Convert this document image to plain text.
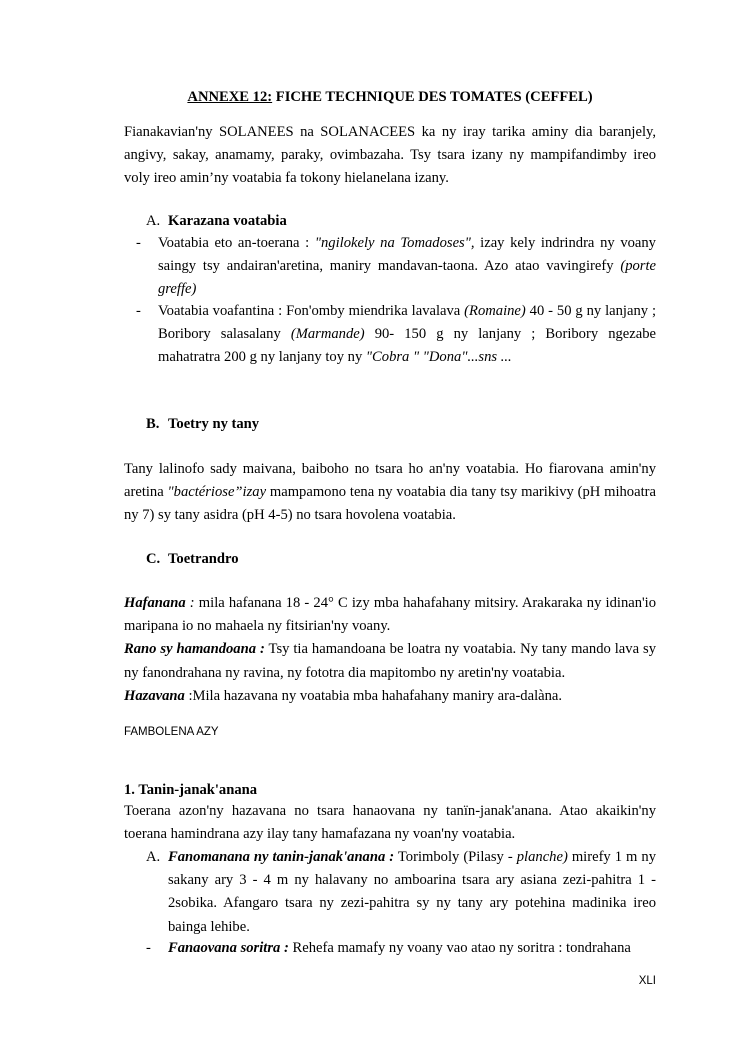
ANNEXE 12: FICHE TECHNIQUE DES TOMATES (CEFFEL)

Fianakavian'ny SOLANEES na SOLANACEES ka ny iray tarika aminy dia baranjely, angivy, sakay, anamamy, paraky, ovimbazaha. Tsy tsara izany ny mampifandimby ireo voly ireo amin’ny voatabia fa tokony hielanelana izany.

A. Karazana voatabia
- Voatabia eto an-toerana : "ngilokely na Tomadoses", izay kely indrindra ny voany saingy tsy andairan'aretina, maniry mandavan-taona. Azo atao vavingirefy (porte greffe)
- Voatabia voafantina : Fon'omby miendrika lavalava (Romaine) 40 - 50 g ny lanjany ; Boribory salasalany (Marmande) 90- 150 g ny lanjany ; Boribory ngezabe mahatratra 200 g ny lanjany toy ny "Cobra " "Dona"...sns ...
B. Toetry ny tany

Tany lalinofo sady maivana, baiboho no tsara ho an'ny voatabia. Ho fiarovana amin'ny aretina "bactériose”izay mampamono tena ny voatabia dia tany tsy marikivy (pH mihoatra ny 7) sy tany asidra (pH 4-5) no tsara hovolena voatabia.

C. Toetrandro

Hafanana : mila hafanana 18 - 24° C izy mba hahafahany mitsiry. Arakaraka ny idinan'io maripana io no mahaela ny fitsirian'ny voany.

Rano sy hamandoana : Tsy tia hamandoana be loatra ny voatabia. Ny tany mando lava sy ny fanondrahana ny ravina, ny fototra dia mapitombo ny aretin'ny voatabia.

Hazavana :Mila hazavana ny voatabia mba hahafahany maniry ara-dalàna.

FAMBOLENA AZY
1. Tanin-janak'anana

Toerana azon'ny hazavana no tsara hanaovana ny tanïn-janak'anana. Atao akaikin'ny toerana hamindrana azy ilay tany hamafazana ny voan'ny voatabia.

A. Fanomanana ny tanin-janak'anana : Torimboly (Pilasy - planche) mirefy 1 m ny sakany ary 3 - 4 m ny halavany no amboarina tsara ary asiana zezi-pahitra 1 - 2sobika. Afangaro tsara ny zezi-pahitra sy ny tany ary potehina madinika ireo bainga lehibe.
- Fanaovana soritra : Rehefa mamafy ny voany vao atao ny soritra : tondrahana
XLI
